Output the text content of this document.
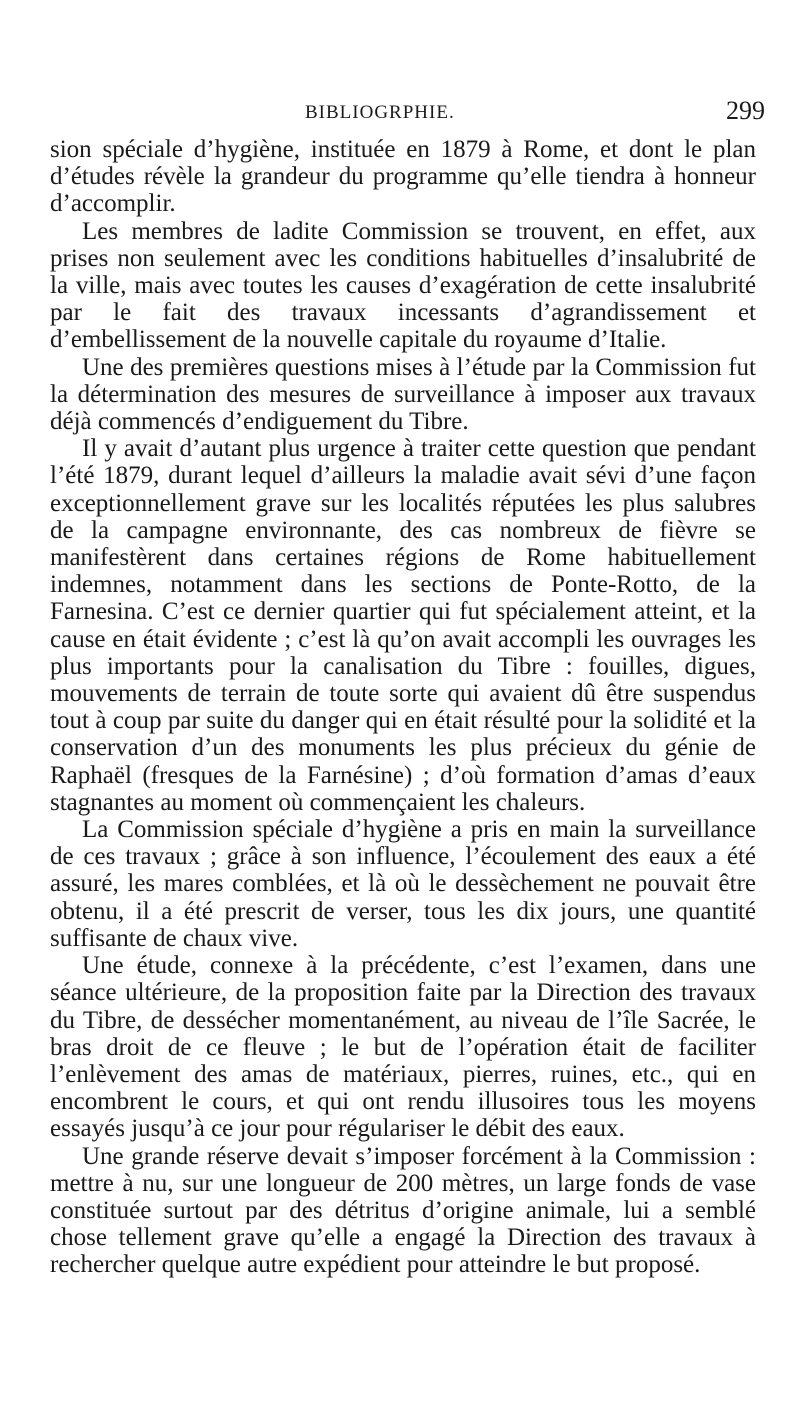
BIBLIOGRPHIE.	299

sion spéciale d’hygiène, instituée en 1879 à Rome, et dont le plan d’études révèle la grandeur du programme qu’elle tiendra à honneur d’accomplir.

Les membres de ladite Commission se trouvent, en effet, aux prises non seulement avec les conditions habituelles d’insalubrité de la ville, mais avec toutes les causes d’exagération de cette insalubrité par le fait des travaux incessants d’agrandissement et d’embellissement de la nouvelle capitale du royaume d’Italie.

Une des premières questions mises à l’étude par la Commission fut la détermination des mesures de surveillance à imposer aux travaux déjà commencés d’endiguement du Tibre.

Il y avait d’autant plus urgence à traiter cette question que pendant l’été 1879, durant lequel d’ailleurs la maladie avait sévi d’une façon exceptionnellement grave sur les localités réputées les plus salubres de la campagne environnante, des cas nombreux de fièvre se manifestèrent dans certaines régions de Rome habituellement indemnes, notamment dans les sections de Ponte-Rotto, de la Farnesina. C’est ce dernier quartier qui fut spécialement atteint, et la cause en était évidente ; c’est là qu’on avait accompli les ouvrages les plus importants pour la canalisation du Tibre : fouilles, digues, mouvements de terrain de toute sorte qui avaient dû être suspendus tout à coup par suite du danger qui en était résulté pour la solidité et la conservation d’un des monuments les plus précieux du génie de Raphaël (fresques de la Farnésine) ; d’où formation d’amas d’eaux stagnantes au moment où commençaient les chaleurs.

La Commission spéciale d’hygiène a pris en main la surveillance de ces travaux ; grâce à son influence, l’écoulement des eaux a été assuré, les mares comblées, et là où le dessèchement ne pouvait être obtenu, il a été prescrit de verser, tous les dix jours, une quantité suffisante de chaux vive.

Une étude, connexe à la précédente, c’est l’examen, dans une séance ultérieure, de la proposition faite par la Direction des travaux du Tibre, de dessécher momentanément, au niveau de l’île Sacrée, le bras droit de ce fleuve ; le but de l’opération était de faciliter l’enlèvement des amas de matériaux, pierres, ruines, etc., qui en encombrent le cours, et qui ont rendu illusoires tous les moyens essayés jusqu’à ce jour pour régulariser le débit des eaux.

Une grande réserve devait s’imposer forcément à la Commission : mettre à nu, sur une longueur de 200 mètres, un large fonds de vase constituée surtout par des détritus d’origine animale, lui a semblé chose tellement grave qu’elle a engagé la Direction des travaux à rechercher quelque autre expédient pour atteindre le but proposé.
